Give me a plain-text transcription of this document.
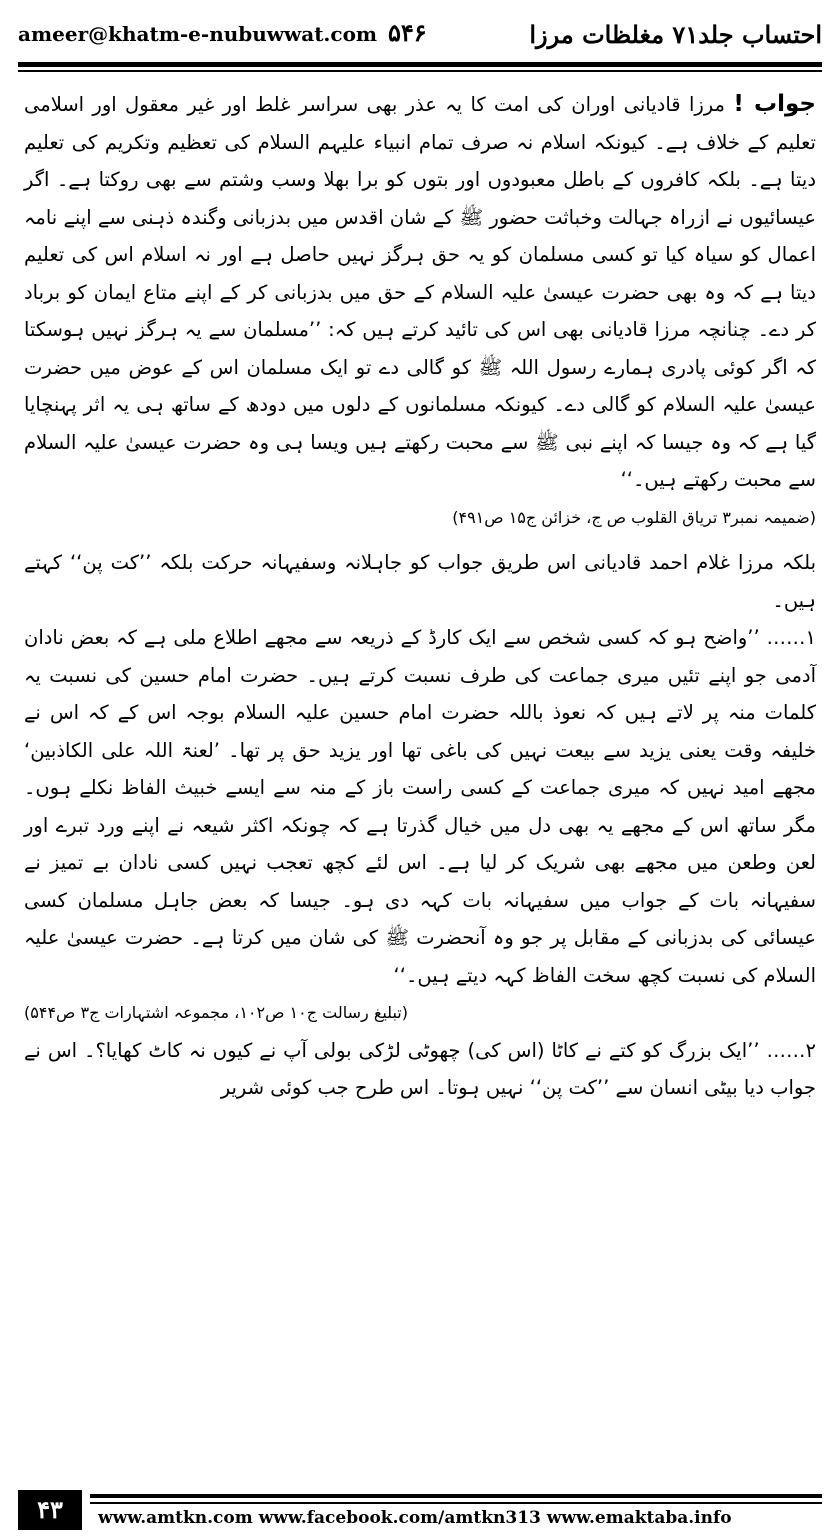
ameer@khatm-e-nubuwwat.com ۵۴۶	احتساب جلد۷۱ مغلظات مرزا

جواب ! مرزا قادیانی اوران کی امت کا یہ عذر بھی سراسر غلط اور غیر معقول اور اسلامی تعلیم کے خلاف ہے۔ کیونکہ اسلام نہ صرف تمام انبیاء علیہم السلام کی تعظیم وتکریم کی تعلیم دیتا ہے۔ بلکہ کافروں کے باطل معبودوں اور بتوں کو برا بھلا وسب وشتم سے بھی روکتا ہے۔ اگر عیسائیوں نے ازراہ جہالت وخباثت حضور ﷺ کے شان اقدس میں بدزبانی وگندہ ذہنی سے اپنے نامہ اعمال کو سیاہ کیا تو کسی مسلمان کو یہ حق ہرگز نہیں حاصل ہے اور نہ اسلام اس کی تعلیم دیتا ہے کہ وہ بھی حضرت عیسیٰ علیہ السلام کے حق میں بدزبانی کر کے اپنے متاع ایمان کو برباد کر دے۔ چنانچہ مرزا قادیانی بھی اس کی تائید کرتے ہیں کہ: ’’مسلمان سے یہ ہرگز نہیں ہوسکتا کہ اگر کوئی پادری ہمارے رسول اللہ ﷺ کو گالی دے تو ایک مسلمان اس کے عوض میں حضرت عیسیٰ علیہ السلام کو گالی دے۔ کیونکہ مسلمانوں کے دلوں میں دودھ کے ساتھ ہی یہ اثر پہنچایا گیا ہے کہ وہ جیسا کہ اپنے نبی ﷺ سے محبت رکھتے ہیں ویسا ہی وہ حضرت عیسیٰ علیہ السلام سے محبت رکھتے ہیں۔‘‘

(ضمیمہ نمبر۳ تریاق القلوب ص ج، خزائن ج۱۵ ص۴۹۱)

بلکہ مرزا غلام احمد قادیانی اس طریق جواب کو جاہلانہ وسفیہانہ حرکت بلکہ ’’کت پن‘‘ کہتے ہیں۔

۱…… ’’واضح ہو کہ کسی شخص سے ایک کارڈ کے ذریعہ سے مجھے اطلاع ملی ہے کہ بعض نادان آدمی جو اپنے تئیں میری جماعت کی طرف نسبت کرتے ہیں۔ حضرت امام حسین کی نسبت یہ کلمات منہ پر لاتے ہیں کہ نعوذ باللہ حضرت امام حسین علیہ السلام بوجہ اس کے کہ اس نے خلیفہ وقت یعنی یزید سے بیعت نہیں کی باغی تھا اور یزید حق پر تھا۔ ’لعنۃ اللہ علی الکاذبین‘ مجھے امید نہیں کہ میری جماعت کے کسی راست باز کے منہ سے ایسے خبیث الفاظ نکلے ہوں۔ مگر ساتھ اس کے مجھے یہ بھی دل میں خیال گذرتا ہے کہ چونکہ اکثر شیعہ نے اپنے ورد تبرے اور لعن وطعن میں مجھے بھی شریک کر لیا ہے۔ اس لئے کچھ تعجب نہیں کسی نادان بے تمیز نے سفیہانہ بات کے جواب میں سفیہانہ بات کہہ دی ہو۔ جیسا کہ بعض جاہل مسلمان کسی عیسائی کی بدزبانی کے مقابل پر جو وہ آنحضرت ﷺ کی شان میں کرتا ہے۔ حضرت عیسیٰ علیہ السلام کی نسبت کچھ سخت الفاظ کہہ دیتے ہیں۔‘‘

(تبلیغ رسالت ج۱۰ ص۱۰۲، مجموعہ اشتہارات ج۳ ص۵۴۴)

۲…… ’’ایک بزرگ کو کتے نے کاٹا (اس کی) چھوٹی لڑکی بولی آپ نے کیوں نہ کاٹ کھایا؟۔ اس نے جواب دیا بیٹی انسان سے ’’کت پن‘‘ نہیں ہوتا۔ اس طرح جب کوئی شریر

۴۳	www.amtkn.com www.facebook.com/amtkn313 www.emaktaba.info
